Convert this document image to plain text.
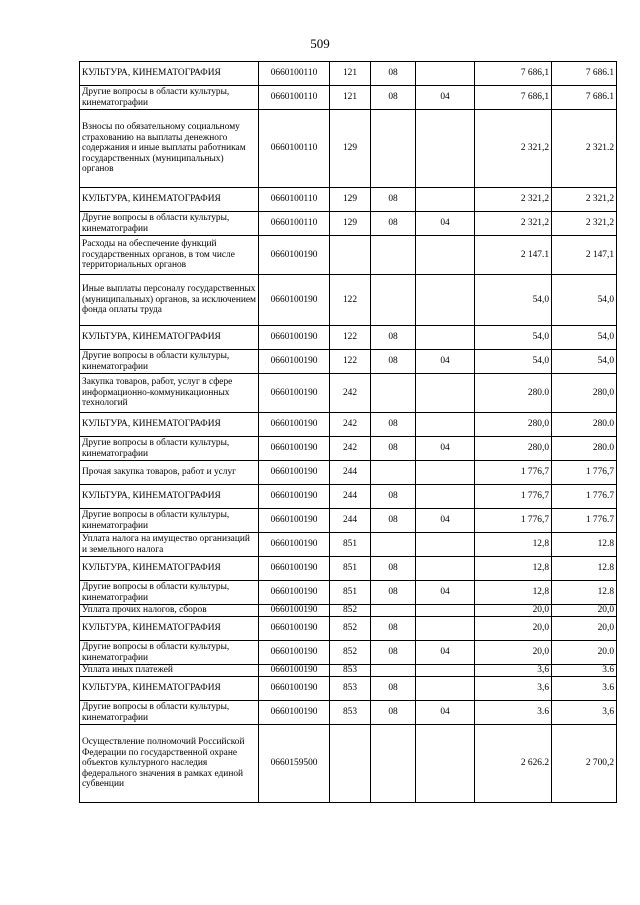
509
КУЛЬТУРА, КИНЕМАТОГРАФИЯ	0660100110	121	08		7 686,1	7 686.1
Другие вопросы в области культуры, кинематографии	0660100110	121	08	04	7 686,1	7 686.1
Взносы по обязательному социальному страхованию на выплаты денежного содержания и иные выплаты работникам государственных (муниципальных) органов	0660100110	129			2 321,2	2 321.2
КУЛЬТУРА, КИНЕМАТОГРАФИЯ	0660100110	129	08		2 321,2	2 321,2
Другие вопросы в области культуры, кинематографии	0660100110	129	08	04	2 321,2	2 321,2
Расходы на обеспечение функций государственных органов, в том числе территориальных органов	0660100190				2 147.1	2 147,1
Иные выплаты персоналу государственных (муниципальных) органов, за исключением фонда оплаты труда	0660100190	122			54,0	54,0
КУЛЬТУРА, КИНЕМАТОГРАФИЯ	0660100190	122	08		54,0	54,0
Другие вопросы в области культуры, кинематографии	0660100190	122	08	04	54,0	54,0
Закупка товаров, работ, услуг в сфере информационно-коммуникационных технологий	0660100190	242			280.0	280,0
КУЛЬТУРА, КИНЕМАТОГРАФИЯ	0660100190	242	08		280,0	280.0
Другие вопросы в области культуры, кинематографии	0660100190	242	08	04	280,0	280.0
Прочая закупка товаров, работ и услуг	0660100190	244			1 776,7	1 776,7
КУЛЬТУРА, КИНЕМАТОГРАФИЯ	0660100190	244	08		1 776,7	1 776.7
Другие вопросы в области культуры, кинематографии	0660100190	244	08	04	1 776,7	1 776.7
Уплата налога на имущество организаций и земельного налога	0660100190	851			12,8	12.8
КУЛЬТУРА, КИНЕМАТОГРАФИЯ	0660100190	851	08		12,8	12.8
Другие вопросы в области культуры, кинематографии	0660100190	851	08	04	12,8	12.8
Уплата прочих налогов, сборов	0660100190	852			20,0	20,0
КУЛЬТУРА, КИНЕМАТОГРАФИЯ	0660100190	852	08		20,0	20,0
Другие вопросы в области культуры, кинематографии	0660100190	852	08	04	20,0	20.0
Уплата иных платежей	0660100190	853			3,6	3.6
КУЛЬТУРА, КИНЕМАТОГРАФИЯ	0660100190	853	08		3,6	3.6
Другие вопросы в области культуры, кинематографии	0660100190	853	08	04	3.6	3,6
Осуществление полномочий Российской Федерации по государственной охране объектов культурного наследия федерального значения в рамках единой субвенции	0660159500				2 626.2	2 700,2
